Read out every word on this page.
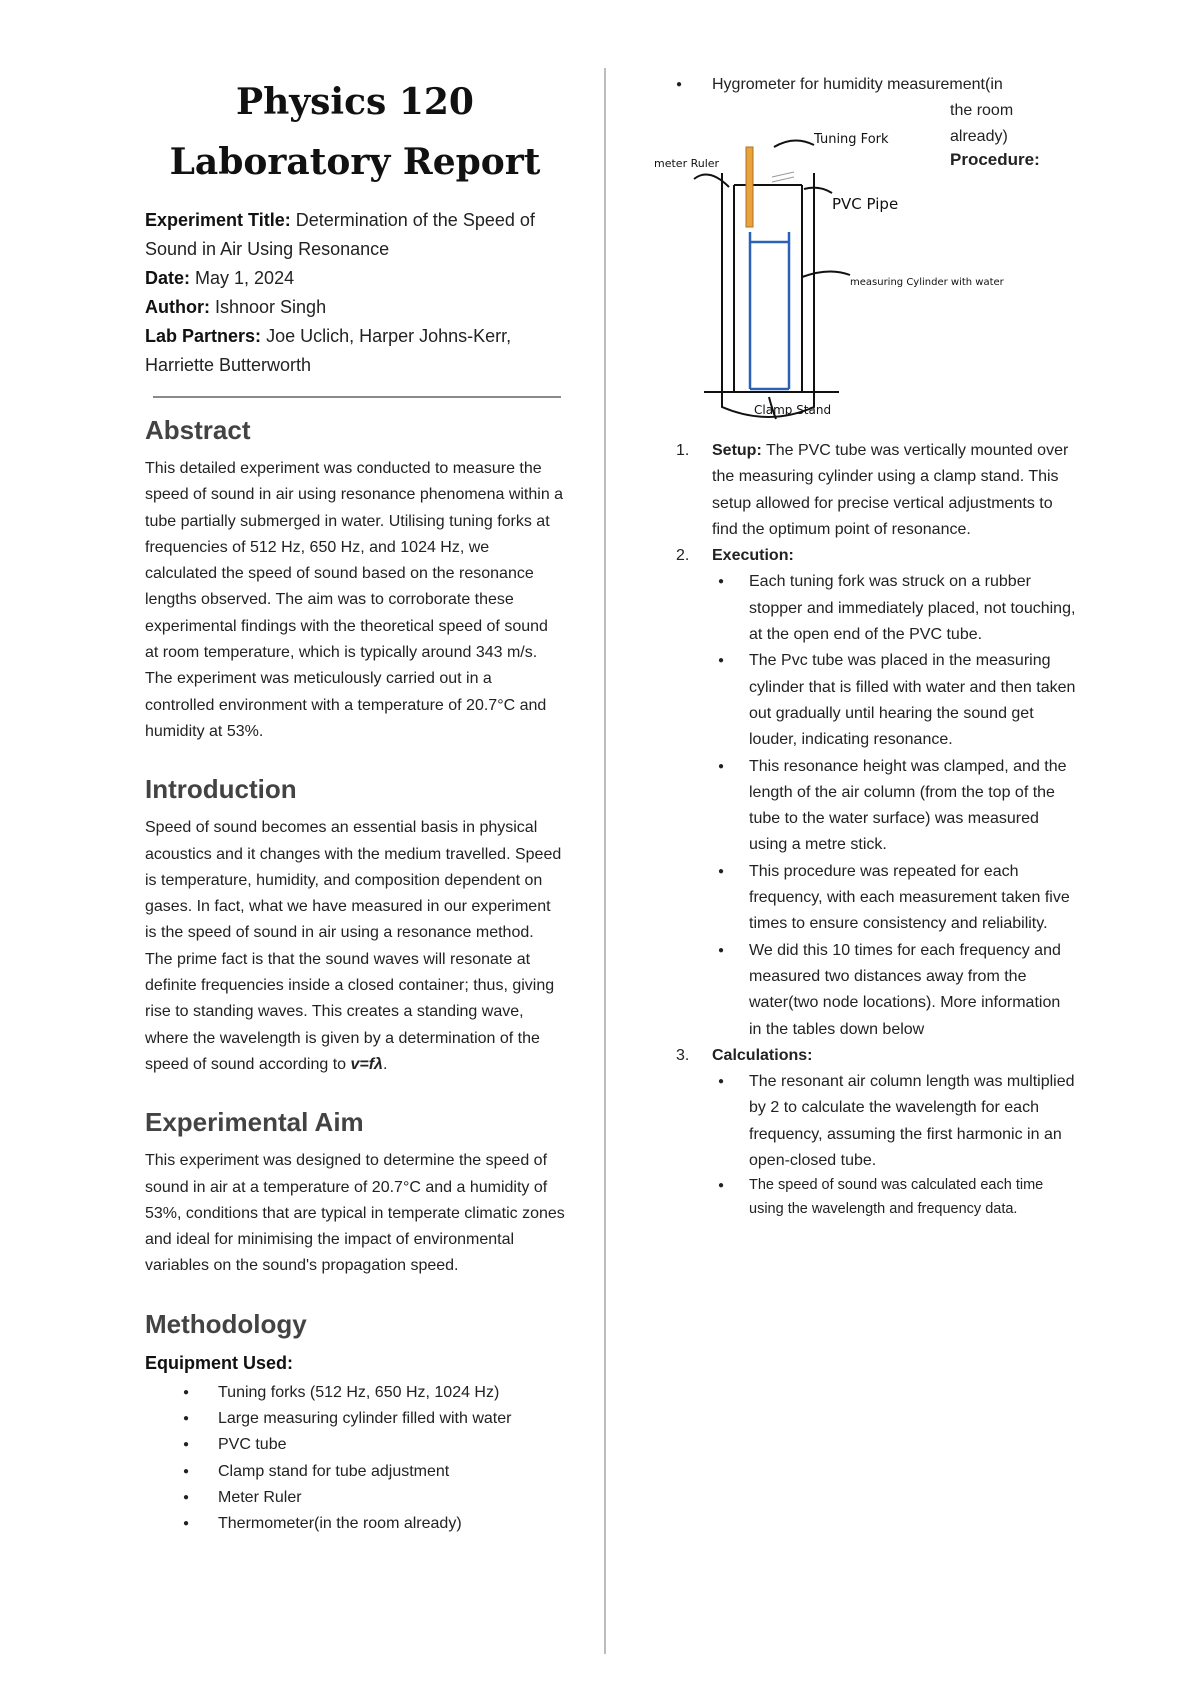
Physics 120 Laboratory Report

Experiment Title: Determination of the Speed of Sound in Air Using Resonance

Date: May 1, 2024

Author: Ishnoor Singh

Lab Partners: Joe Uclich, Harper Johns-Kerr, Harriette Butterworth

Abstract

This detailed experiment was conducted to measure the speed of sound in air using resonance phenomena within a tube partially submerged in water. Utilising tuning forks at frequencies of 512 Hz, 650 Hz, and 1024 Hz, we calculated the speed of sound based on the resonance lengths observed. The aim was to corroborate these experimental findings with the theoretical speed of sound at room temperature, which is typically around 343 m/s. The experiment was meticulously carried out in a controlled environment with a temperature of 20.7°C and humidity at 53%.

Introduction

Speed of sound becomes an essential basis in physical acoustics and it changes with the medium travelled. Speed is temperature, humidity, and composition dependent on gases. In fact, what we have measured in our experiment is the speed of sound in air using a resonance method. The prime fact is that the sound waves will resonate at definite frequencies inside a closed container; thus, giving rise to standing waves. This creates a standing wave, where the wavelength is given by a determination of the speed of sound according to v=fλ.

Experimental Aim

This experiment was designed to determine the speed of sound in air at a temperature of 20.7°C and a humidity of 53%, conditions that are typical in temperate climatic zones and ideal for minimising the impact of environmental variables on the sound's propagation speed.

Methodology
Equipment Used:
● Tuning forks (512 Hz, 650 Hz, 1024 Hz)
● Large measuring cylinder filled with water
● PVC tube
● Clamp stand for tube adjustment
● Meter Ruler
● Thermometer(in the room already)
● Hygrometer for humidity measurement(in
the room already)
Procedure:
Tuning Fork
meter Ruler
PVC Pipe
measuring Cylinder with water
Clamp Stand
1. Setup: The PVC tube was vertically mounted over the measuring cylinder using a clamp stand. This setup allowed for precise vertical adjustments to find the optimum point of resonance.
2. Execution:
● Each tuning fork was struck on a rubber stopper and immediately placed, not touching, at the open end of the PVC tube.
● The Pvc tube was placed in the measuring cylinder that is filled with water and then taken out gradually until hearing the sound get louder, indicating resonance.
● This resonance height was clamped, and the length of the air column (from the top of the tube to the water surface) was measured using a metre stick.
● This procedure was repeated for each frequency, with each measurement taken five times to ensure consistency and reliability.
● We did this 10 times for each frequency and measured two distances away from the water(two node locations). More information in the tables down below
3. Calculations:
● The resonant air column length was multiplied by 2 to calculate the wavelength for each frequency, assuming the first harmonic in an open-closed tube.
● The speed of sound was calculated each time using the wavelength and frequency data.
